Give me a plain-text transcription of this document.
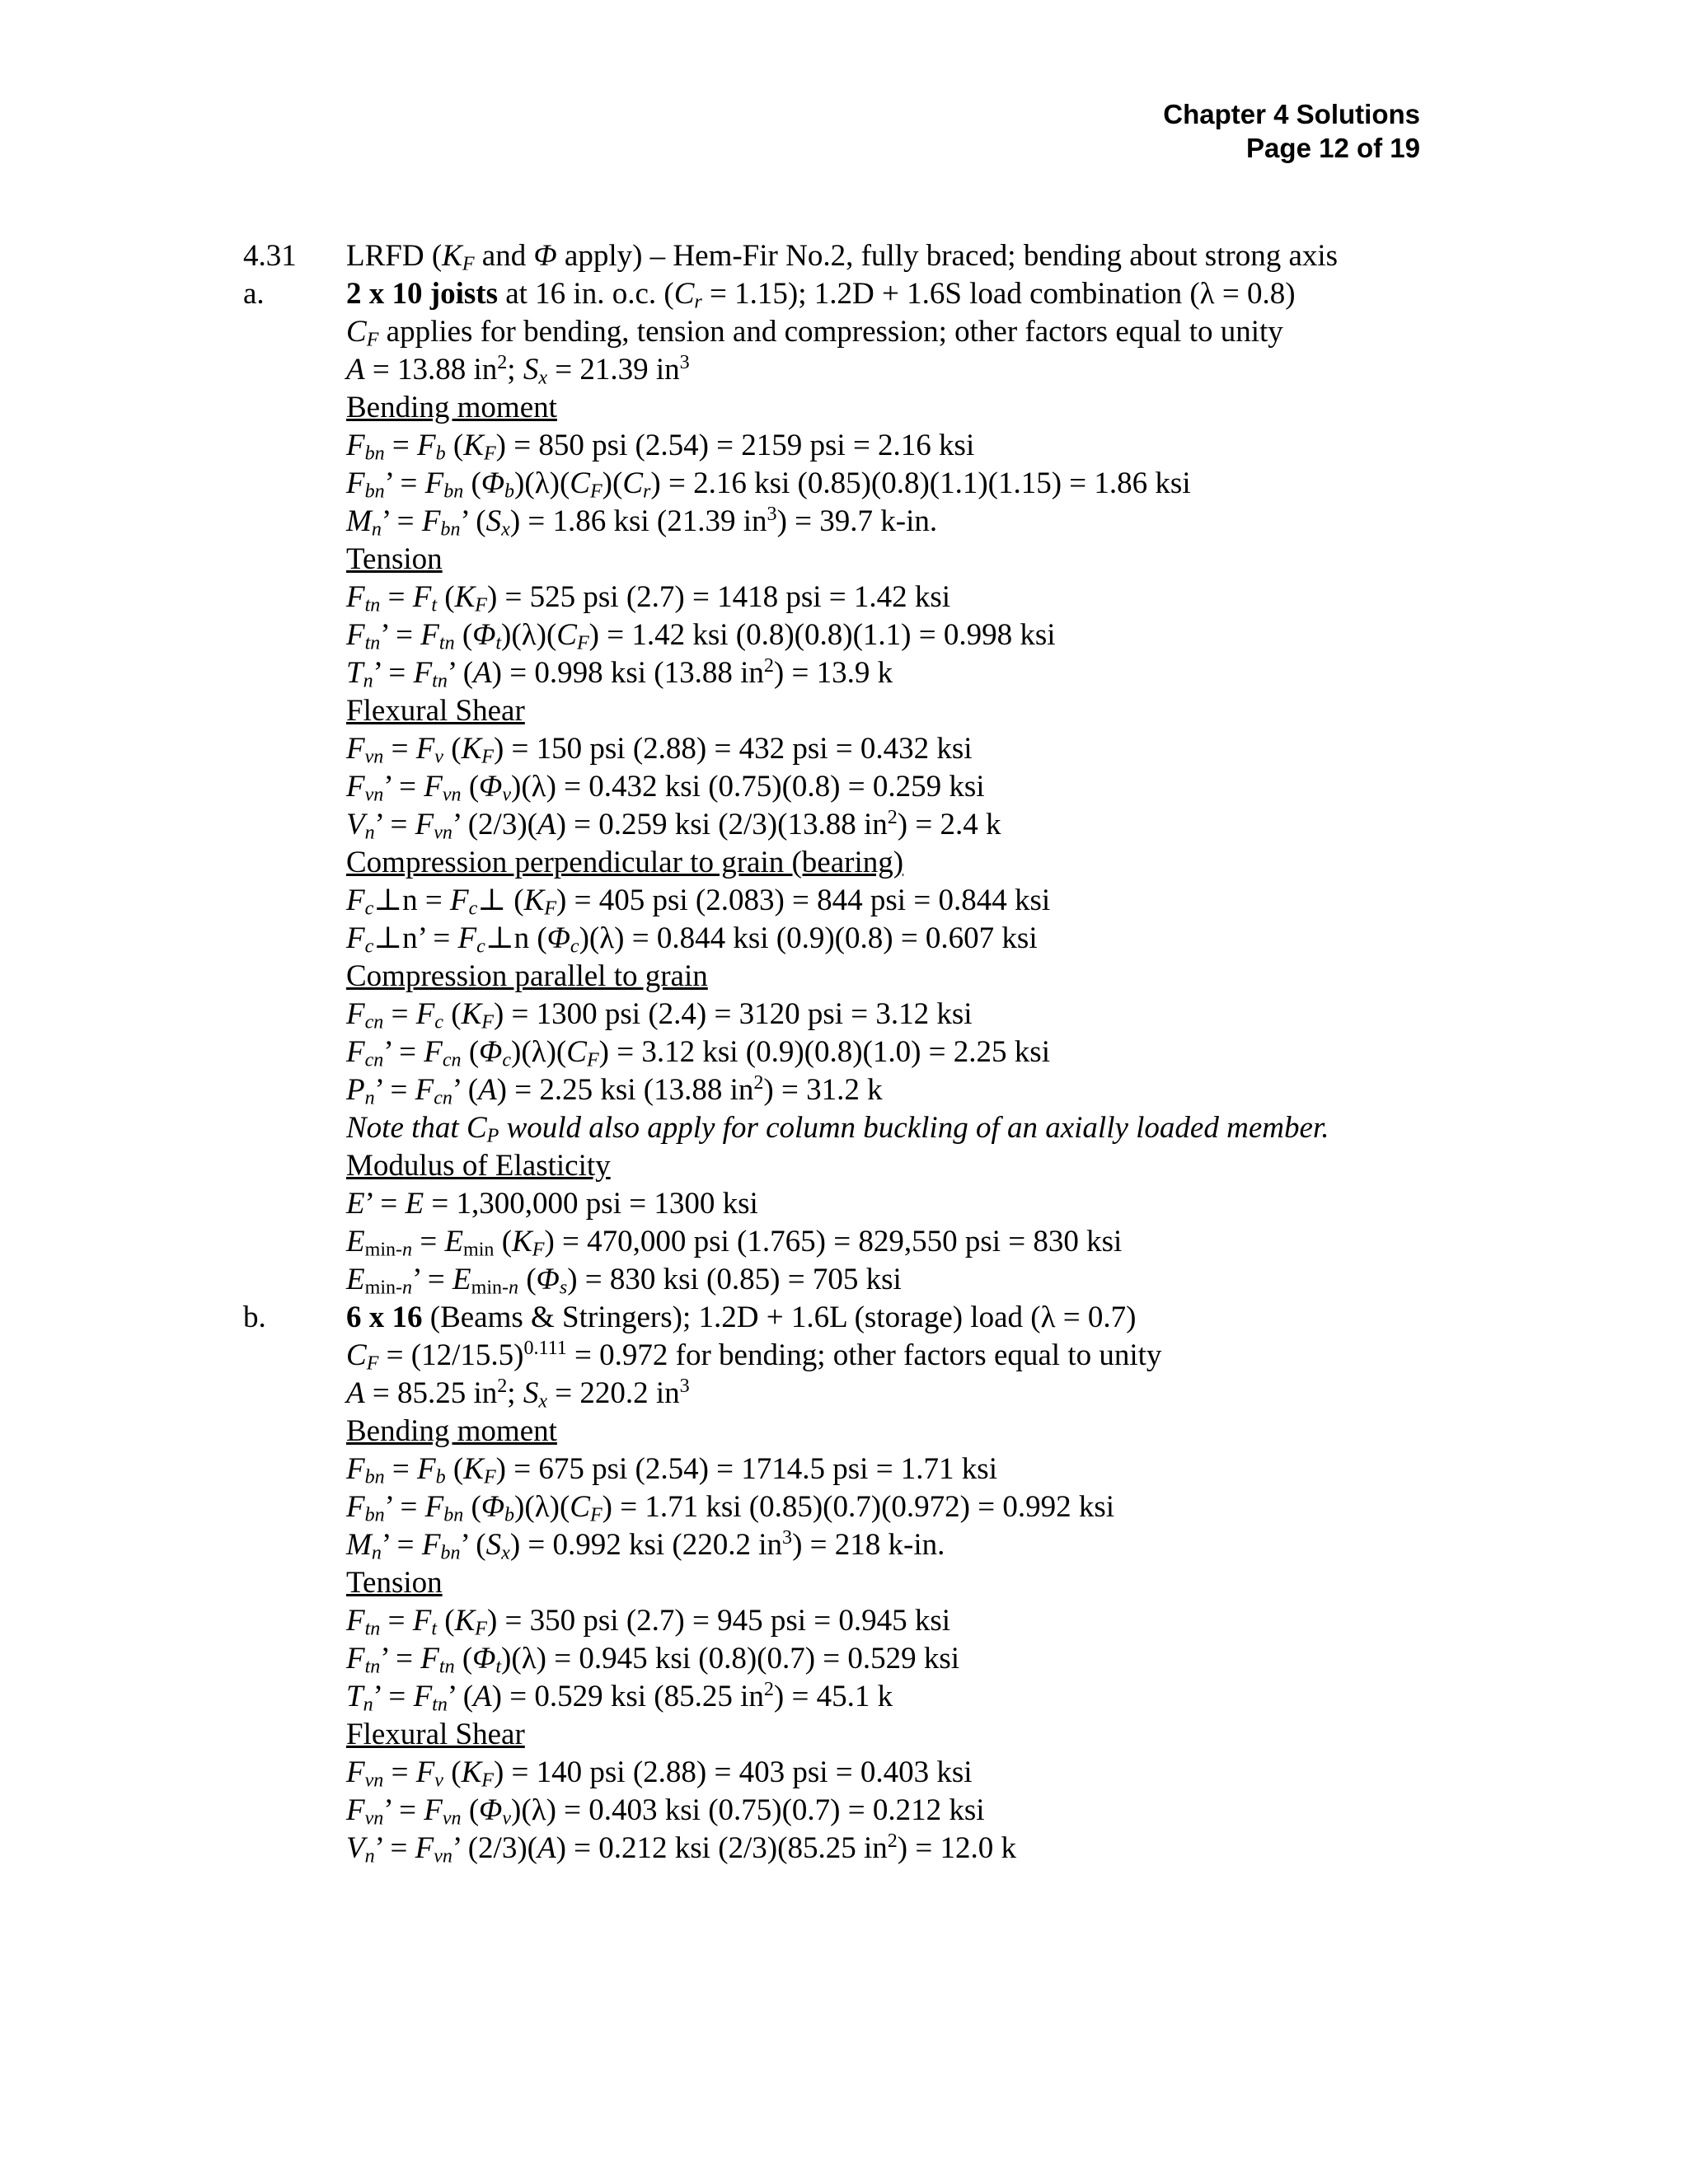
Chapter 4 Solutions
Page 12 of 19
4.31 LRFD ($K_F$ and Φ apply) – Hem-Fir No.2, fully braced; bending about strong axis
a.	2 x 10 joists at 16 in. o.c. $(C_r = 1.15)$; 1.2D + 1.6S load combination (λ = 0.8)
$C_F$ applies for bending, tension and compression; other factors equal to unity
A = 13.88 $in^2$; $S_x = 21.39$ $in^3$
Bending moment
$F_{bn} = F_b$ $(K_F) = 850$ psi (2.54) = 2159 psi = 2.16 ksi
$F_{bn}$’ = $F_{bn}$ $(\Phi_b)(\lambda)(C_F)(C_r) = 2.16$ ksi (0.85)(0.8)(1.1)(1.15) = 1.86 ksi
$M_n$’ = $F_{bn}$’ $(S_x) = 1.86$ ksi (21.39 $in^3) = 39.7$ k-in.
Tension
$F_{tn} = F_t$ $(K_F) = 525$ psi (2.7) = 1418 psi = 1.42 ksi
$F_{tn}$’ = $F_{tn}$ $(\Phi_t)(\lambda)(C_F) = 1.42$ ksi (0.8)(0.8)(1.1) = 0.998 ksi
$T_n$’ = $F_{tn}$’ (A) = 0.998 ksi (13.88 $in^2) = 13.9$ k
Flexural Shear
$F_{vn} = F_v$ $(K_F) = 150$ psi (2.88) = 432 psi = 0.432 ksi
$F_{vn}$’ = $F_{vn}$ $(\Phi_v)(\lambda) = 0.432$ ksi (0.75)(0.8) = 0.259 ksi
$V_n$’ = $F_{vn}$’ (2/3)(A) = 0.259 ksi (2/3)(13.88 $in^2) = 2.4$ k
Compression perpendicular to grain (bearing)
$F_c\perp n$ = $F_c\perp$ $(K_F) = 405$ psi (2.083) = 844 psi = 0.844 ksi
$F_c\perp n$’ = $F_c\perp n$ $(\Phi_c)(\lambda) = 0.844$ ksi (0.9)(0.8) = 0.607 ksi
Compression parallel to grain
$F_{cn} = F_c$ $(K_F) = 1300$ psi (2.4) = 3120 psi = 3.12 ksi
$F_{cn}$’ = $F_{cn}$ $(\Phi_c)(\lambda)(C_F) = 3.12$ ksi (0.9)(0.8)(1.0) = 2.25 ksi
$P_n$’ = $F_{cn}$’ (A) = 2.25 ksi (13.88 $in^2) = 31.2$ k
Note that $C_P$ would also apply for column buckling of an axially loaded member.
Modulus of Elasticity
E’ = E = 1,300,000 psi = 1300 ksi
$E_{min-n} = E_{min}$ $(K_F) = 470,000$ psi (1.765) = 829,550 psi = 830 ksi
$E_{min-n}$’ = $E_{min-n}$ $(\Phi_s) = 830$ ksi (0.85) = 705 ksi
b.	6 x 16 (Beams & Stringers); 1.2D + 1.6L (storage) load (λ = 0.7)
$C_F = (12/15.5)^{0.111} = 0.972$ for bending; other factors equal to unity
A = 85.25 $in^2$; $S_x = 220.2$ $in^3$
Bending moment
$F_{bn} = F_b$ $(K_F) = 675$ psi (2.54) = 1714.5 psi = 1.71 ksi
$F_{bn}$’ = $F_{bn}$ $(\Phi_b)(\lambda)(C_F) = 1.71$ ksi (0.85)(0.7)(0.972) = 0.992 ksi
$M_n$’ = $F_{bn}$’ $(S_x) = 0.992$ ksi (220.2 $in^3) = 218$ k-in.
Tension
$F_{tn} = F_t$ $(K_F) = 350$ psi (2.7) = 945 psi = 0.945 ksi
$F_{tn}$’ = $F_{tn}$ $(\Phi_t)(\lambda) = 0.945$ ksi (0.8)(0.7) = 0.529 ksi
$T_n$’ = $F_{tn}$’ (A) = 0.529 ksi (85.25 $in^2) = 45.1$ k
Flexural Shear
$F_{vn} = F_v$ $(K_F) = 140$ psi (2.88) = 403 psi = 0.403 ksi
$F_{vn}$’ = $F_{vn}$ $(\Phi_v)(\lambda) = 0.403$ ksi (0.75)(0.7) = 0.212 ksi
$V_n$’ = $F_{vn}$’ (2/3)(A) = 0.212 ksi (2/3)(85.25 $in^2) = 12.0$ k
